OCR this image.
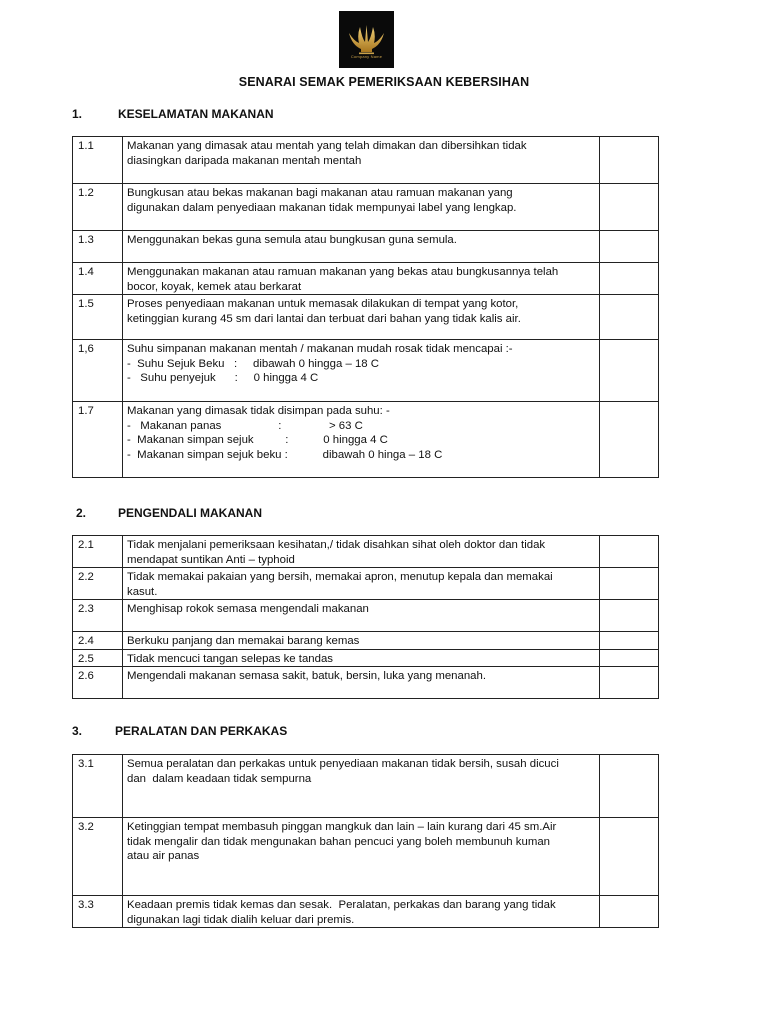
Company Name
SENARAI SEMAK PEMERIKSAAN KEBERSIHAN
1.	KESELAMATAN MAKANAN
1.1	Makanan yang dimasak atau mentah yang telah dimakan dan dibersihkan tidak
diasingkan daripada makanan mentah mentah	
1.2	Bungkusan atau bekas makanan bagi makanan atau ramuan makanan yang
digunakan dalam penyediaan makanan tidak mempunyai label yang lengkap.	
1.3	Menggunakan bekas guna semula atau bungkusan guna semula.	
1.4	Menggunakan makanan atau ramuan makanan yang bekas atau bungkusannya telah
bocor, koyak, kemek atau berkarat	
1.5	Proses penyediaan makanan untuk memasak dilakukan di tempat yang kotor,
ketinggian kurang 45 sm dari lantai dan terbuat dari bahan yang tidak kalis air.	
1,6	Suhu simpanan makanan mentah / makanan mudah rosak tidak mencapai :-
-  Suhu Sejuk Beku   :     dibawah 0 hingga – 18 C
-   Suhu penyejuk      :     0 hingga 4 C	
1.7	Makanan yang dimasak tidak disimpan pada suhu: -
-   Makanan panas                  :               > 63 C
-  Makanan simpan sejuk          :           0 hingga 4 C
-  Makanan simpan sejuk beku :           dibawah 0 hinga – 18 C	
2.	PENGENDALI MAKANAN
2.1	Tidak menjalani pemeriksaan kesihatan,/ tidak disahkan sihat oleh doktor dan tidak
mendapat suntikan Anti – typhoid	
2.2	Tidak memakai pakaian yang bersih, memakai apron, menutup kepala dan memakai
kasut.	
2.3	Menghisap rokok semasa mengendali makanan	
2.4	Berkuku panjang dan memakai barang kemas	
2.5	Tidak mencuci tangan selepas ke tandas	
2.6	Mengendali makanan semasa sakit, batuk, bersin, luka yang menanah.	
3.	PERALATAN DAN PERKAKAS
3.1	Semua peralatan dan perkakas untuk penyediaan makanan tidak bersih, susah dicuci
dan  dalam keadaan tidak sempurna	
3.2	Ketinggian tempat membasuh pinggan mangkuk dan lain – lain kurang dari 45 sm.Air
tidak mengalir dan tidak mengunakan bahan pencuci yang boleh membunuh kuman
atau air panas	
3.3	Keadaan premis tidak kemas dan sesak.  Peralatan, perkakas dan barang yang tidak
digunakan lagi tidak dialih keluar dari premis.	
